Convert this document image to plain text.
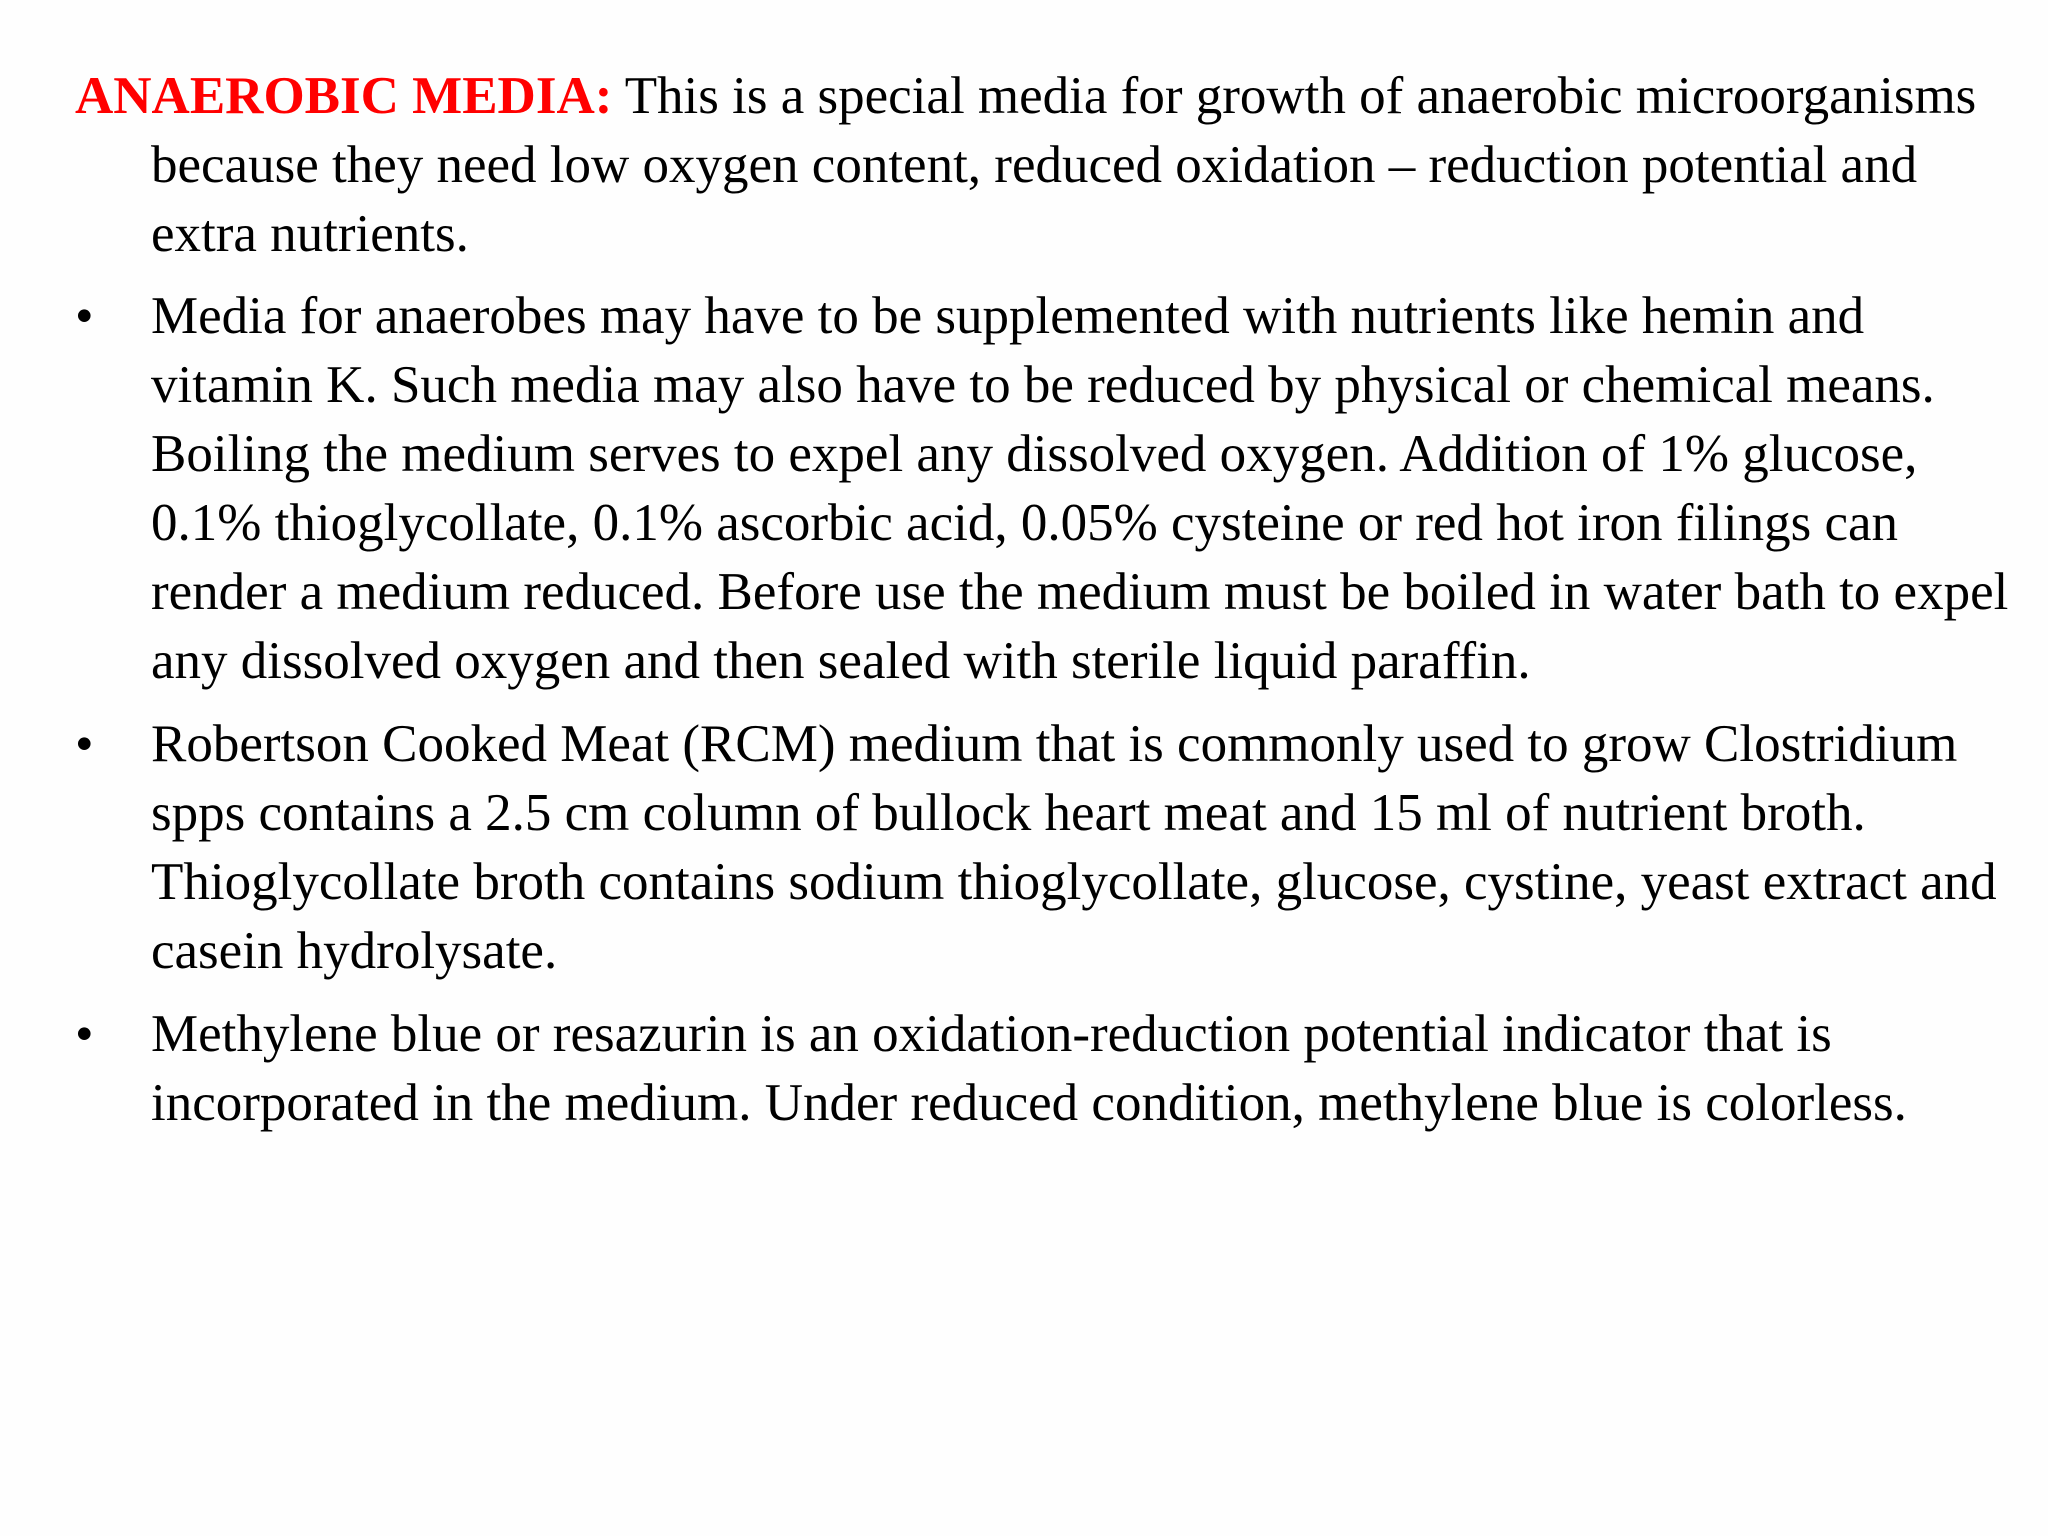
ANAEROBIC MEDIA: This is a special media for growth of anaerobic microorganisms because they need low oxygen content, reduced oxidation – reduction potential and extra nutrients.

•	Media for anaerobes may have to be supplemented with nutrients like hemin and vitamin K. Such media may also have to be reduced by physical or chemical means. Boiling the medium serves to expel any dissolved oxygen. Addition of 1% glucose, 0.1% thioglycollate, 0.1% ascorbic acid, 0.05% cysteine or red hot iron filings can render a medium reduced. Before use the medium must be boiled in water bath to expel any dissolved oxygen and then sealed with sterile liquid paraffin.
•	Robertson Cooked Meat (RCM) medium that is commonly used to grow Clostridium spps contains a 2.5 cm column of bullock heart meat and 15 ml of nutrient broth. Thioglycollate broth contains sodium thioglycollate, glucose, cystine, yeast extract and casein hydrolysate.
•	Methylene blue or resazurin is an oxidation-reduction potential indicator that is incorporated in the medium. Under reduced condition, methylene blue is colorless.
